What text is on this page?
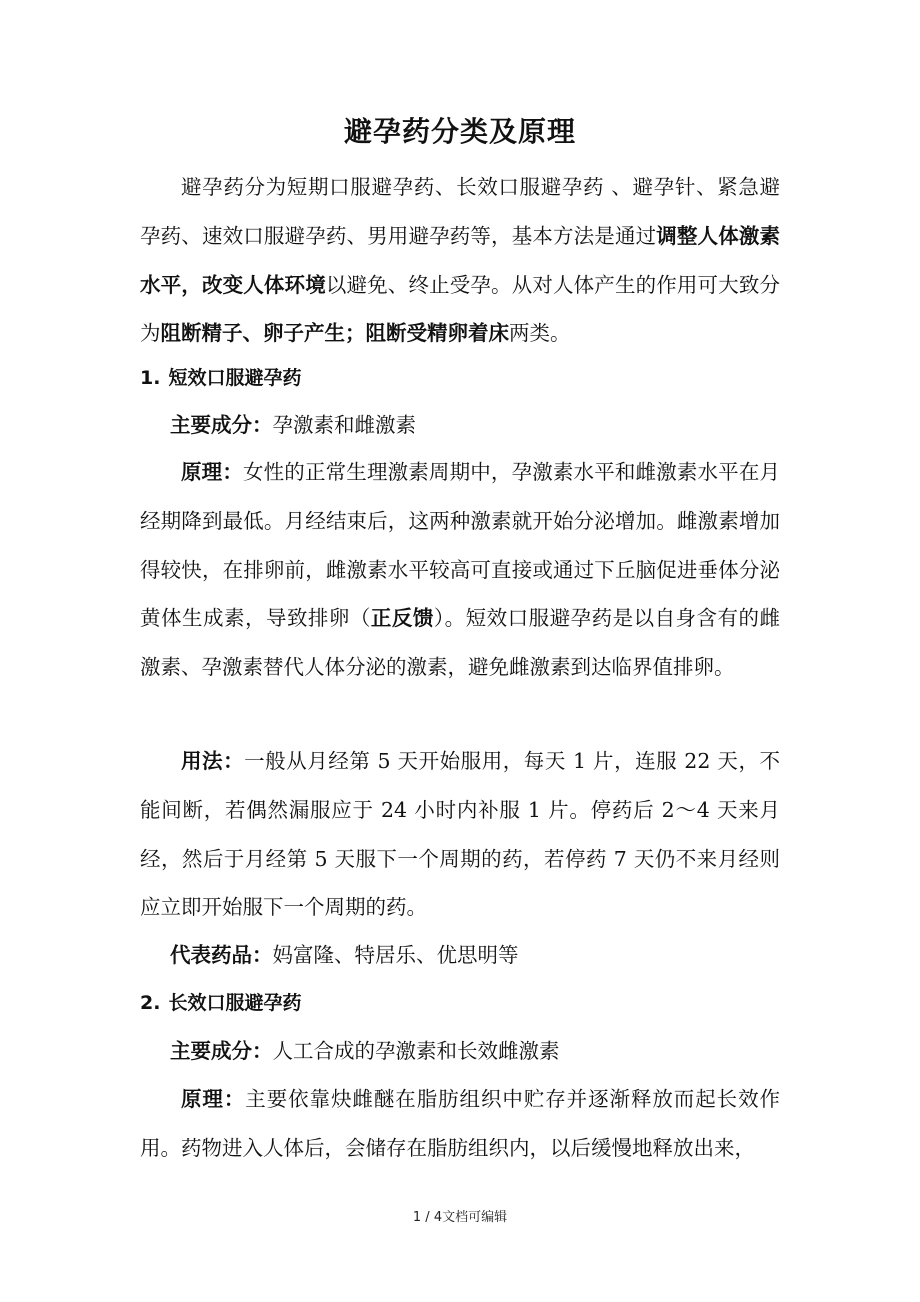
避孕药分类及原理

避孕药分为短期口服避孕药、长效口服避孕药 、避孕针、紧急避孕药、速效口服避孕药、男用避孕药等，基本方法是通过调整人体激素水平，改变人体环境以避免、终止受孕。从对人体产生的作用可大致分为阻断精子、卵子产生；阻断受精卵着床两类。

1. 短效口服避孕药
主要成分：孕激素和雌激素

原理：女性的正常生理激素周期中，孕激素水平和雌激素水平在月经期降到最低。月经结束后，这两种激素就开始分泌增加。雌激素增加得较快，在排卵前，雌激素水平较高可直接或通过下丘脑促进垂体分泌黄体生成素，导致排卵（正反馈）。短效口服避孕药是以自身含有的雌激素、孕激素替代人体分泌的激素，避免雌激素到达临界值排卵。

用法：一般从月经第 5 天开始服用，每天 1 片，连服 22 天，不能间断，若偶然漏服应于 24 小时内补服 1 片。停药后 2～4 天来月经，然后于月经第 5 天服下一个周期的药，若停药 7 天仍不来月经则应立即开始服下一个周期的药。

代表药品：妈富隆、特居乐、优思明等
2. 长效口服避孕药
主要成分：人工合成的孕激素和长效雌激素

原理：主要依靠炔雌醚在脂肪组织中贮存并逐渐释放而起长效作用。药物进入人体后，会储存在脂肪组织内，以后缓慢地释放出来，

1 / 4文档可编辑
